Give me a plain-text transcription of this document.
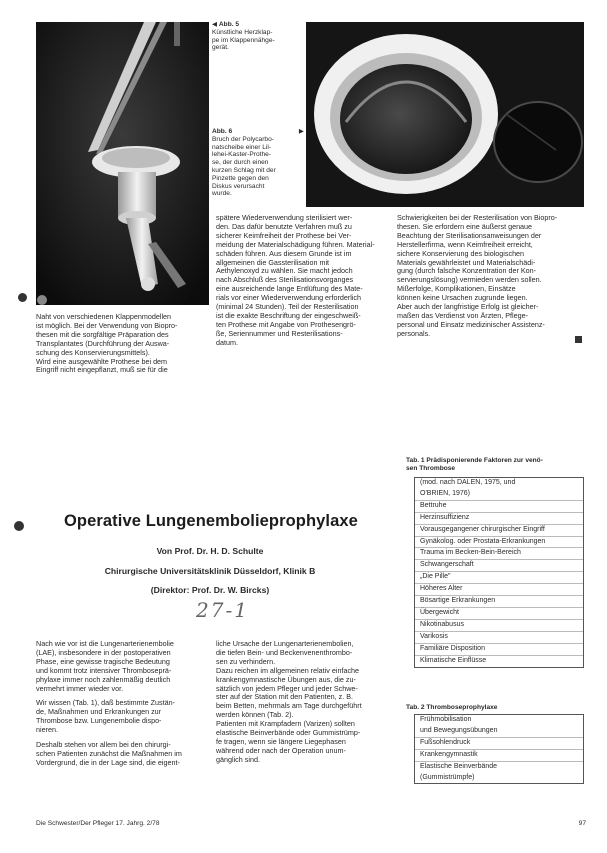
◀ Abb. 5
Künstliche Herzklap-
pe im Klappennähge-
gerät.
Abb. 6	▶
Bruch der Polycarbo-
natscheibe einer Lil-
lehei-Kaster-Prothe-
se, der durch einen
kurzen Schlag mit der
Pinzette gegen den
Diskus verursacht
wurde.

Naht von verschiedenen Klappenmodellen

ist möglich. Bei der Verwendung von Biopro-

thesen mit die sorgfältige Präparation des

Transplantates (Durchführung der Auswa-

schung des Konservierungsmittels).

Wird eine ausgewählte Prothese bei dem

Eingriff nicht eingepflanzt, muß sie für die

spätere Wiederverwendung sterilisiert wer-

den. Das dafür benutzte Verfahren muß zu

sicherer Keimfreiheit der Prothese bei Ver-

meidung der Materialschädigung führen. Material-

schäden führen. Aus diesem Grunde ist im

allgemeinen die Gassterilisation mit

Aethylenoxyd zu wählen. Sie macht jedoch

nach Abschluß des Sterilisationsvorganges

eine ausreichende lange Entlüftung des Mate-

rials vor einer Wiederverwendung erforderlich

(minimal 24 Stunden). Teil der Resterilisation

ist die exakte Beschriftung der eingeschweiß-

ten Prothese mit Angabe von Prothesengrö-

ße, Seriennummer und Resterilisations-

datum.

Schwierigkeiten bei der Resterilisation von Biopro-

thesen. Sie erfordern eine äußerst genaue

Beachtung der Sterilisationsanweisungen der

Herstellerfirma, wenn Keimfreiheit erreicht,

sichere Konservierung des biologischen

Materials gewährleistet und Materialschädi-

gung (durch falsche Konzentration der Kon-

servierungslösung) vermieden werden sollen.

Mißerfolge, Komplikationen, Einsätze

können keine Ursachen zugrunde liegen.

Aber auch der langfristige Erfolg ist gleicher-

maßen das Verdienst von Ärzten, Pflege-

personal und Einsatz medizinischer Assistenz-

personals.

Tab. 1 Prädisponierende Faktoren zur venö-
sen Thrombose
(mod. nach DALEN, 1975, und
O'BRIEN, 1976)
Bettruhe
Herzinsuffizienz
Vorausgegangener chirurgischer Eingriff
Gynäkolog. oder Prostata-Erkrankungen
Trauma im Becken-Bein-Bereich
Schwangerschaft
„Die Pille"
Höheres Alter
Bösartige Erkrankungen
Übergewicht
Nikotinabusus
Varikosis
Familiäre Disposition
Klimatische Einflüsse
Tab. 2 Thromboseprophylaxe
Frühmobilisation
und Bewegungsübungen
Fußsohlendruck
Krankengymnastik
Elastische Beinverbände
(Gummistrümpfe)
Operative Lungenembolieprophylaxe
Von Prof. Dr. H. D. Schulte
Chirurgische Universitätsklinik Düsseldorf, Klinik B
(Direktor: Prof. Dr. W. Bircks)
27-1

Nach wie vor ist die Lungenarterienembolie

(LAE), insbesondere in der postoperativen

Phase, eine gewisse tragische Bedeutung

und kommt trotz intensiver Thromboseprä-

phylaxe immer noch zahlenmäßig deutlich

vermehrt immer wieder vor.

Wir wissen (Tab. 1), daß bestimmte Zustän-

de, Maßnahmen und Erkrankungen zur

Thrombose bzw. Lungenembolie dispo-

nieren.

Deshalb stehen vor allem bei den chirurgi-

schen Patienten zunächst die Maßnahmen im

Vordergrund, die in der Lage sind, die eigent-

liche Ursache der Lungenarterienembolien,

die tiefen Bein- und Beckenvenenthrombo-

sen zu verhindern.

Dazu reichen im allgemeinen relativ einfache

krankengymnastische Übungen aus, die zu-

sätzlich von jedem Pfleger und jeder Schwe-

ster auf der Station mit den Patienten, z. B.

beim Betten, mehrmals am Tage durchgeführt

werden können (Tab. 2).

Patienten mit Krampfadern (Varizen) sollten

elastische Beinverbände oder Gummistrümp-

fe tragen, wenn sie längere Liegephasen

während oder nach der Operation unum-

gänglich sind.

Die Schwester/Der Pfleger 17. Jahrg. 2/78	97
